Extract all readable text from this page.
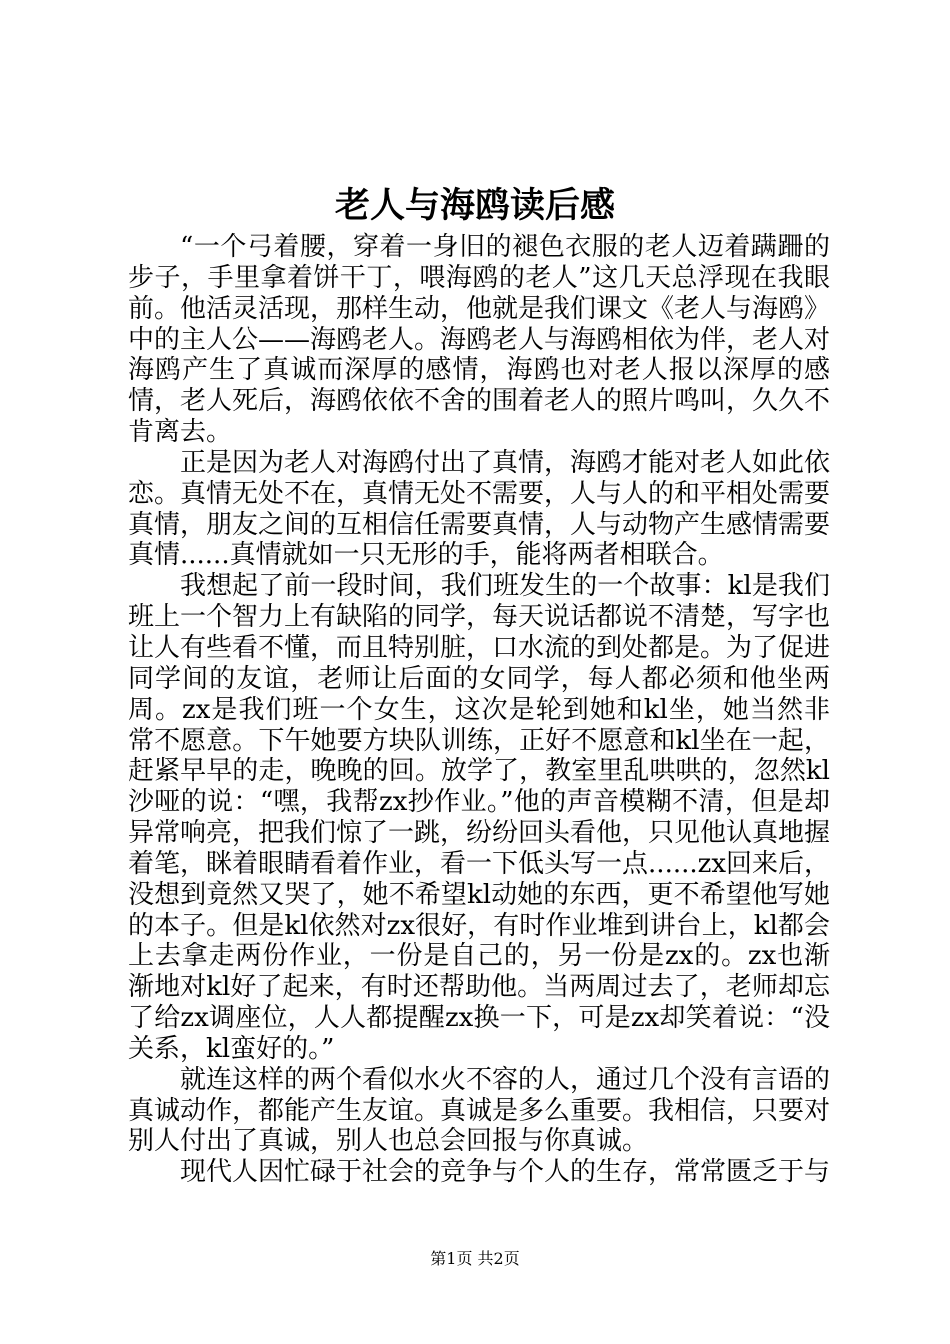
老人与海鸥读后感

“一个弓着腰，穿着一身旧的褪色衣服的老人迈着蹒跚的步子，手里拿着饼干丁，喂海鸥的老人”这几天总浮现在我眼前。他活灵活现，那样生动，他就是我们课文《老人与海鸥》中的主人公——海鸥老人。海鸥老人与海鸥相依为伴，老人对海鸥产生了真诚而深厚的感情，海鸥也对老人报以深厚的感情，老人死后，海鸥依依不舍的围着老人的照片鸣叫，久久不肯离去。

正是因为老人对海鸥付出了真情，海鸥才能对老人如此依恋。真情无处不在，真情无处不需要，人与人的和平相处需要真情，朋友之间的互相信任需要真情，人与动物产生感情需要真情......真情就如一只无形的手，能将两者相联合。

我想起了前一段时间，我们班发生的一个故事：kl是我们班上一个智力上有缺陷的同学，每天说话都说不清楚，写字也让人有些看不懂，而且特别脏，口水流的到处都是。为了促进同学间的友谊，老师让后面的女同学，每人都必须和他坐两周。zx是我们班一个女生，这次是轮到她和kl坐，她当然非常不愿意。下午她要方块队训练，正好不愿意和kl坐在一起，赶紧早早的走，晚晚的回。放学了，教室里乱哄哄的，忽然kl沙哑的说：“嘿，我帮zx抄作业。”他的声音模糊不清，但是却异常响亮，把我们惊了一跳，纷纷回头看他，只见他认真地握着笔，眯着眼睛看着作业，看一下低头写一点......zx回来后，没想到竟然又哭了，她不希望kl动她的东西，更不希望他写她的本子。但是kl依然对zx很好，有时作业堆到讲台上，kl都会上去拿走两份作业，一份是自己的，另一份是zx的。zx也渐渐地对kl好了起来，有时还帮助他。当两周过去了，老师却忘了给zx调座位，人人都提醒zx换一下，可是zx却笑着说：“没关系，kl蛮好的。”

就连这样的两个看似水火不容的人，通过几个没有言语的真诚动作，都能产生友谊。真诚是多么重要。我相信，只要对别人付出了真诚，别人也总会回报与你真诚。

现代人因忙碌于社会的竞争与个人的生存，常常匮乏于与

第1页 共2页
